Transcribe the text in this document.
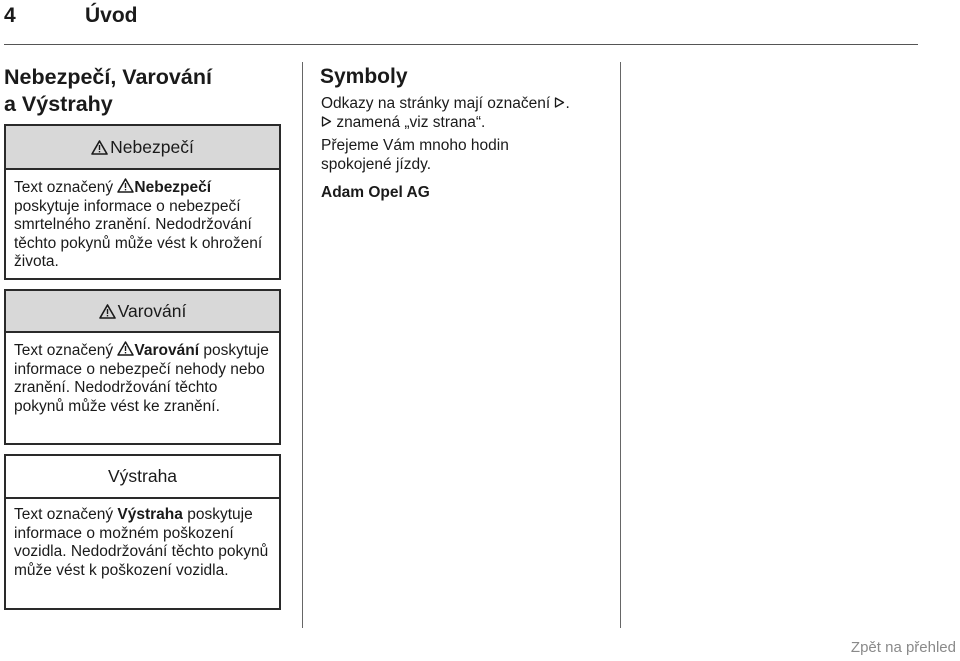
4	Úvod
Nebezpečí, Varování
a Výstrahy
Nebezpečí
Text označený Nebezpečí poskytuje informace o nebezpečí smrtelného zranění. Nedodržování těchto pokynů může vést k ohrožení života.
Varování
Text označený Varování poskytuje informace o nebezpečí nehody nebo zranění. Nedodržování těchto pokynů může vést ke zranění.
Výstraha
Text označený Výstraha poskytuje informace o možném poškození vozidla. Nedodržování těchto pokynů může vést k poškození vozidla.
Symboly

Odkazy na stránky mají označení .

znamená „viz strana“.

Přejeme Vám mnoho hodin spokojené jízdy.

Adam Opel AG
Zpět na přehled
